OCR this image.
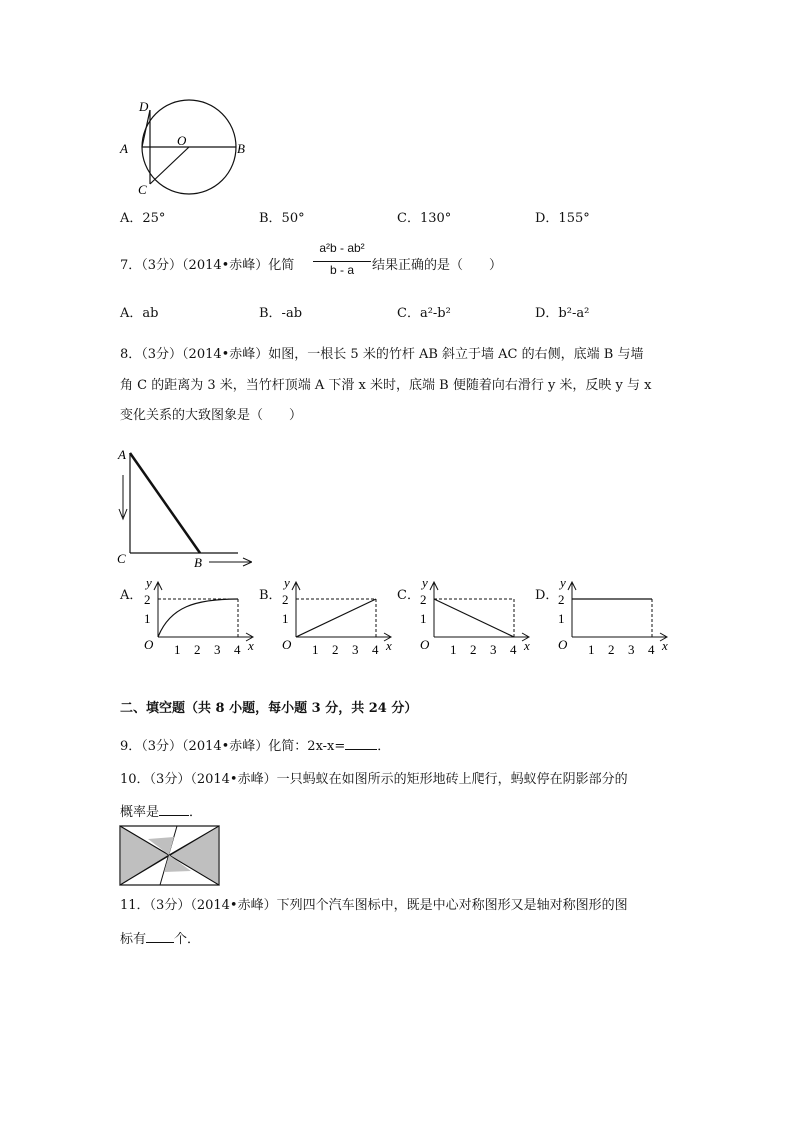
D
A
O
B
C
A．25°	B．50°	C．130°	D．155°
7．（3分）（2014•赤峰）化简
a²b - ab²
b - a	结果正确的是（　　）
A．ab	B．-ab	C．a²-b²	D．b²-a²
8．（3分）（2014•赤峰）如图，一根长 5 米的竹杆 AB 斜立于墙 AC 的右侧，底端 B 与墙
角 C 的距离为 3 米，当竹杆顶端 A 下滑 x 米时，底端 B 便随着向右滑行 y 米，反映 y 与 x
变化关系的大致图象是（　　）
A
C	B
A．	B．	C．	D．
y
2
1
O 1 2 3 4 x
y
2
1
O 1 2 3 4 x
y
2
1
O 1 2 3 4 x
y
2
1
O 1 2 3 4 x
二、填空题（共 8 小题，每小题 3 分，共 24 分）
9．（3分）（2014•赤峰）化简：2x-x= ．
10．（3分）（2014•赤峰）一只蚂蚁在如图所示的矩形地砖上爬行，蚂蚁停在阴影部分的
概率是 ．
11．（3分）（2014•赤峰）下列四个汽车图标中，既是中心对称图形又是轴对称图形的图
标有 个．
